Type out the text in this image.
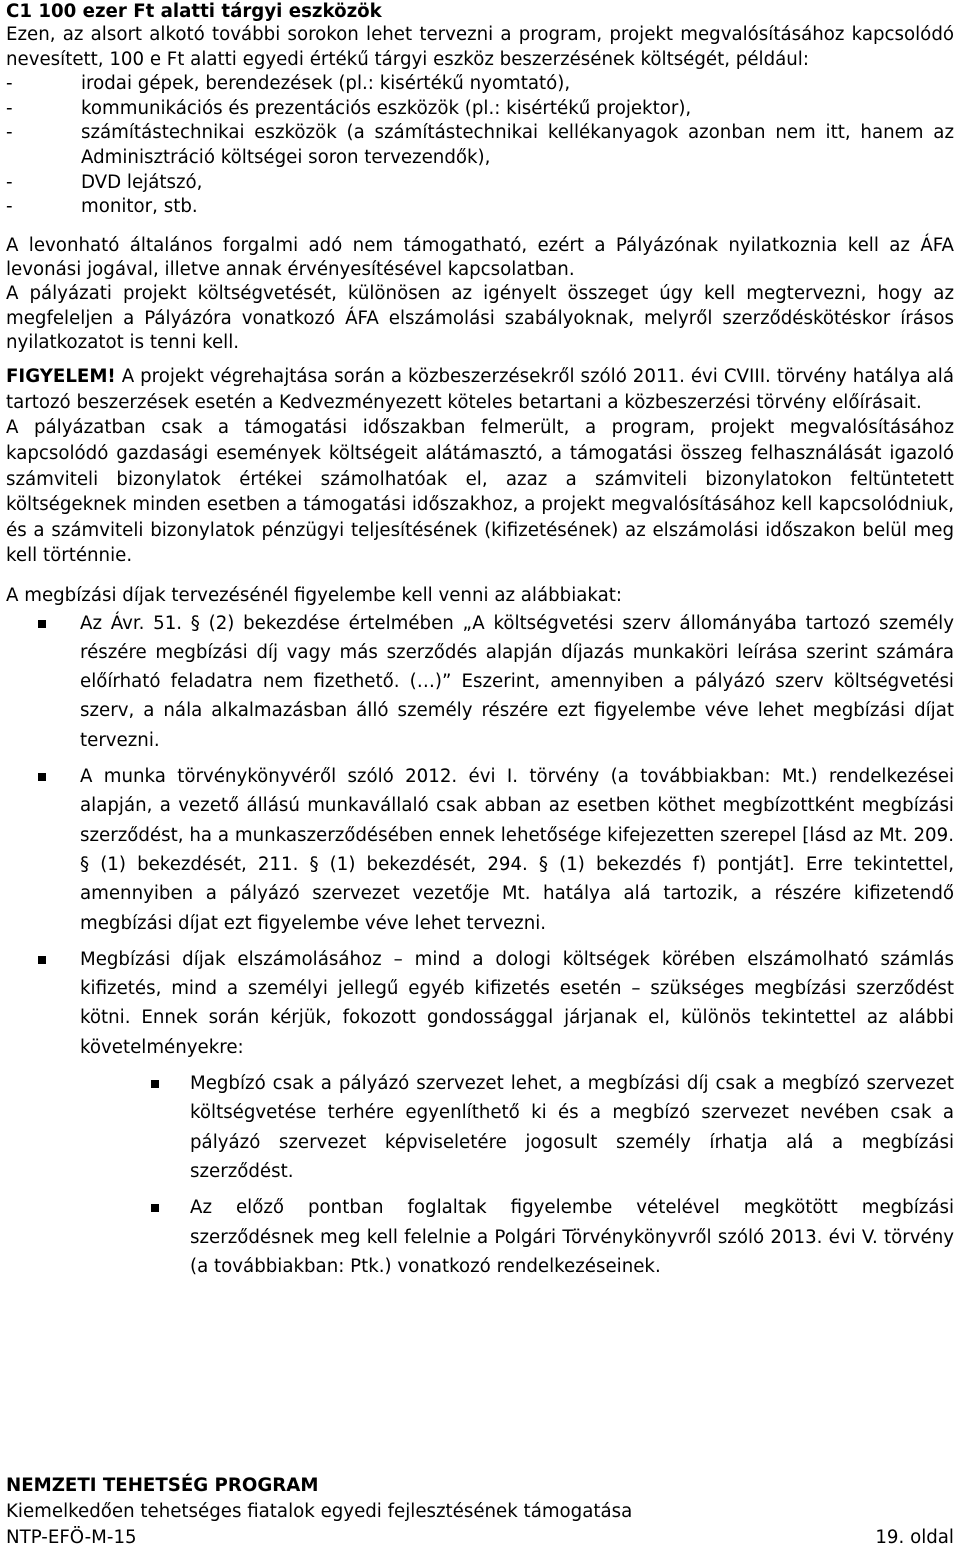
C1 100 ezer Ft alatti tárgyi eszközök

Ezen, az alsort alkotó további sorokon lehet tervezni a program, projekt megvalósításához kapcsolódó nevesített, 100 e Ft alatti egyedi értékű tárgyi eszköz beszerzésének költségét, például:

-	irodai gépek, berendezések (pl.: kisértékű nyomtató),
-	kommunikációs és prezentációs eszközök (pl.: kisértékű projektor),
-	számítástechnikai eszközök (a számítástechnikai kellékanyagok azonban nem itt, hanem az Adminisztráció költségei soron tervezendők),
-	DVD lejátszó,
-	monitor, stb.

A levonható általános forgalmi adó nem támogatható, ezért a Pályázónak nyilatkoznia kell az ÁFA levonási jogával, illetve annak érvényesítésével kapcsolatban.

A pályázati projekt költségvetését, különösen az igényelt összeget úgy kell megtervezni, hogy az megfeleljen a Pályázóra vonatkozó ÁFA elszámolási szabályoknak, melyről szerződéskötéskor írásos nyilatkozatot is tenni kell.

FIGYELEM! A projekt végrehajtása során a közbeszerzésekről szóló 2011. évi CVIII. törvény hatálya alá tartozó beszerzések esetén a Kedvezményezett köteles betartani a közbeszerzési törvény előírásait.

A pályázatban csak a támogatási időszakban felmerült, a program, projekt megvalósításához kapcsolódó gazdasági események költségeit alátámasztó, a támogatási összeg felhasználását igazoló számviteli bizonylatok értékei számolhatóak el, azaz a számviteli bizonylatokon feltüntetett költségeknek minden esetben a támogatási időszakhoz, a projekt megvalósításához kell kapcsolódniuk, és a számviteli bizonylatok pénzügyi teljesítésének (kifizetésének) az elszámolási időszakon belül meg kell történnie.

A megbízási díjak tervezésénél figyelembe kell venni az alábbiakat:

Az Ávr. 51. § (2) bekezdése értelmében „A költségvetési szerv állományába tartozó személy részére megbízási díj vagy más szerződés alapján díjazás munkaköri leírása szerint számára előírható feladatra nem fizethető. (…)” Eszerint, amennyiben a pályázó szerv költségvetési szerv, a nála alkalmazásban álló személy részére ezt figyelembe véve lehet megbízási díjat tervezni.
A munka törvénykönyvéről szóló 2012. évi I. törvény (a továbbiakban: Mt.) rendelkezései alapján, a vezető állású munkavállaló csak abban az esetben köthet megbízottként megbízási szerződést, ha a munkaszerződésében ennek lehetősége kifejezetten szerepel [lásd az Mt. 209. § (1) bekezdését, 211. § (1) bekezdését, 294. § (1) bekezdés f) pontját]. Erre tekintettel, amennyiben a pályázó szervezet vezetője Mt. hatálya alá tartozik, a részére kifizetendő megbízási díjat ezt figyelembe véve lehet tervezni.
Megbízási díjak elszámolásához – mind a dologi költségek körében elszámolható számlás kifizetés, mind a személyi jellegű egyéb kifizetés esetén – szükséges megbízási szerződést kötni. Ennek során kérjük, fokozott gondossággal járjanak el, különös tekintettel az alábbi követelményekre:
Megbízó csak a pályázó szervezet lehet, a megbízási díj csak a megbízó szervezet költségvetése terhére egyenlíthető ki és a megbízó szervezet nevében csak a pályázó szervezet képviseletére jogosult személy írhatja alá a megbízási szerződést.
Az előző pontban foglaltak figyelembe vételével megkötött megbízási szerződésnek meg kell felelnie a Polgári Törvénykönyvről szóló 2013. évi V. törvény (a továbbiakban: Ptk.) vonatkozó rendelkezéseinek.
NEMZETI TEHETSÉG PROGRAM
Kiemelkedően tehetséges fiatalok egyedi fejlesztésének támogatása
NTP-EFÖ-M-15	19. oldal
